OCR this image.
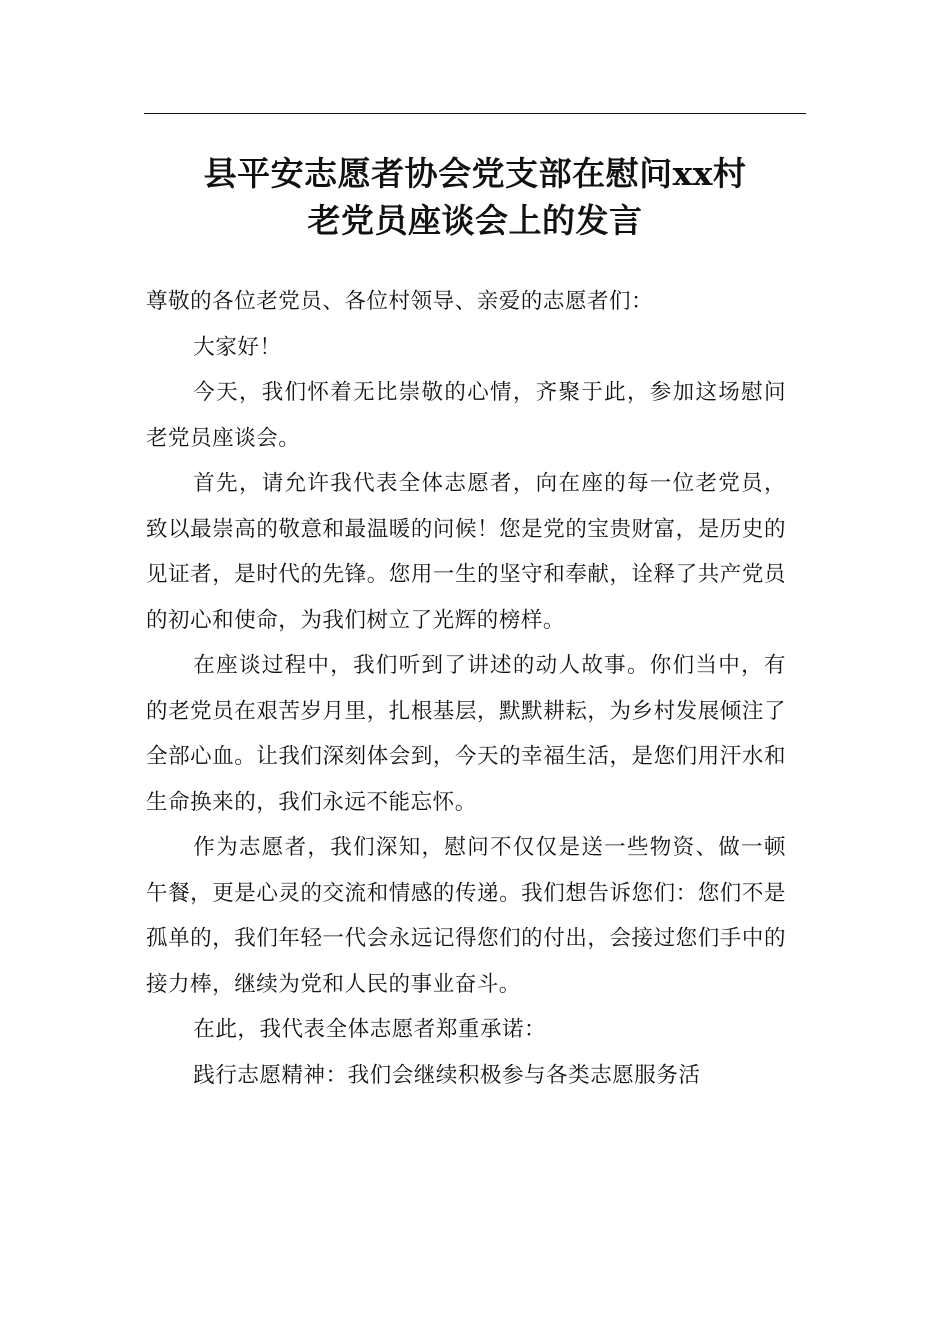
县平安志愿者协会党支部在慰问xx村
老党员座谈会上的发言

尊敬的各位老党员、各位村领导、亲爱的志愿者们：

大家好！

今天，我们怀着无比崇敬的心情，齐聚于此，参加这场慰问老党员座谈会。

首先，请允许我代表全体志愿者，向在座的每一位老党员，致以最崇高的敬意和最温暖的问候！您是党的宝贵财富，是历史的见证者，是时代的先锋。您用一生的坚守和奉献，诠释了共产党员的初心和使命，为我们树立了光辉的榜样。

在座谈过程中，我们听到了讲述的动人故事。你们当中，有的老党员在艰苦岁月里，扎根基层，默默耕耘，为乡村发展倾注了全部心血。让我们深刻体会到，今天的幸福生活，是您们用汗水和生命换来的，我们永远不能忘怀。

作为志愿者，我们深知，慰问不仅仅是送一些物资、做一顿午餐，更是心灵的交流和情感的传递。我们想告诉您们：您们不是孤单的，我们年轻一代会永远记得您们的付出，会接过您们手中的接力棒，继续为党和人民的事业奋斗。

在此，我代表全体志愿者郑重承诺：

践行志愿精神：我们会继续积极参与各类志愿服务活
